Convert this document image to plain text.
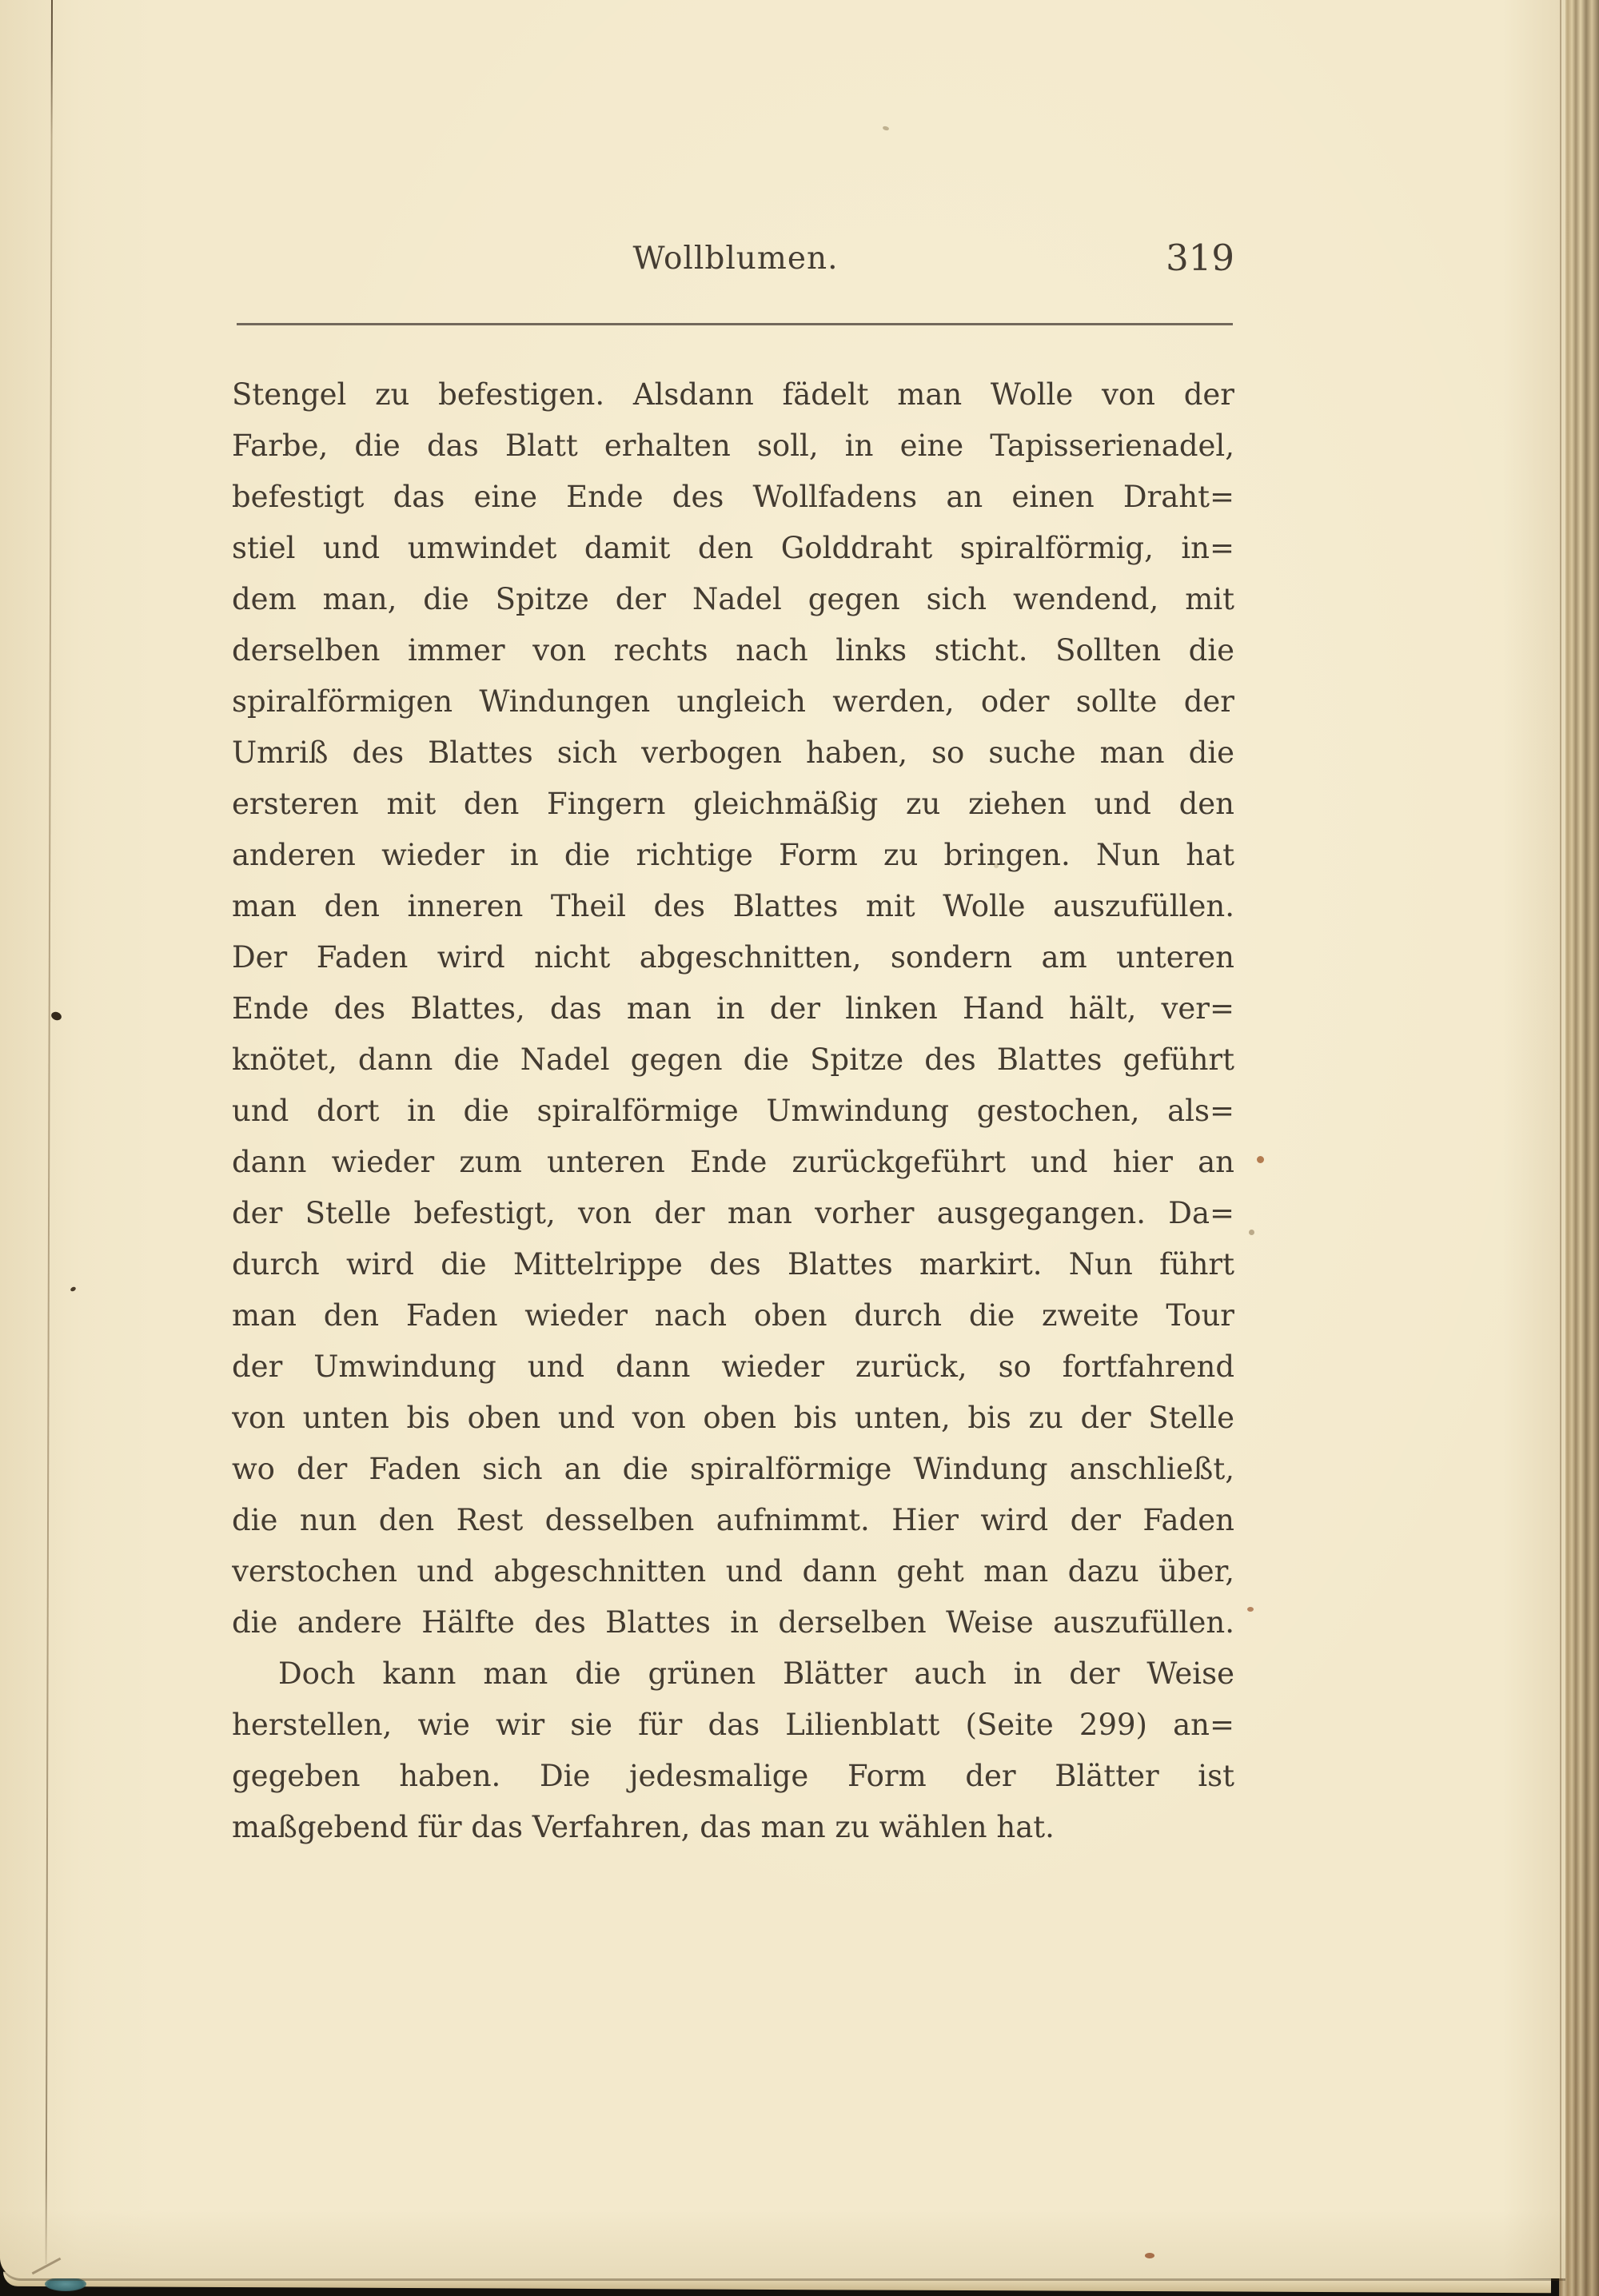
Wollblumen.	319
Stengel zu befestigen. Alsdann fädelt man Wolle von der
Farbe, die das Blatt erhalten soll, in eine Tapisserienadel,
befestigt das eine Ende des Wollfadens an einen Draht=
stiel und umwindet damit den Golddraht spiralförmig, in=
dem man, die Spitze der Nadel gegen sich wendend, mit
derselben immer von rechts nach links sticht. Sollten die
spiralförmigen Windungen ungleich werden, oder sollte der
Umriß des Blattes sich verbogen haben, so suche man die
ersteren mit den Fingern gleichmäßig zu ziehen und den
anderen wieder in die richtige Form zu bringen. Nun hat
man den inneren Theil des Blattes mit Wolle auszufüllen.
Der Faden wird nicht abgeschnitten, sondern am unteren
Ende des Blattes, das man in der linken Hand hält, ver=
knötet, dann die Nadel gegen die Spitze des Blattes geführt
und dort in die spiralförmige Umwindung gestochen, als=
dann wieder zum unteren Ende zurückgeführt und hier an
der Stelle befestigt, von der man vorher ausgegangen. Da=
durch wird die Mittelrippe des Blattes markirt. Nun führt
man den Faden wieder nach oben durch die zweite Tour
der Umwindung und dann wieder zurück, so fortfahrend
von unten bis oben und von oben bis unten, bis zu der Stelle
wo der Faden sich an die spiralförmige Windung anschließt,
die nun den Rest desselben aufnimmt. Hier wird der Faden
verstochen und abgeschnitten und dann geht man dazu über,
die andere Hälfte des Blattes in derselben Weise auszufüllen.
Doch kann man die grünen Blätter auch in der Weise
herstellen, wie wir sie für das Lilienblatt (Seite 299) an=
gegeben haben. Die jedesmalige Form der Blätter ist
maßgebend für das Verfahren, das man zu wählen hat.
